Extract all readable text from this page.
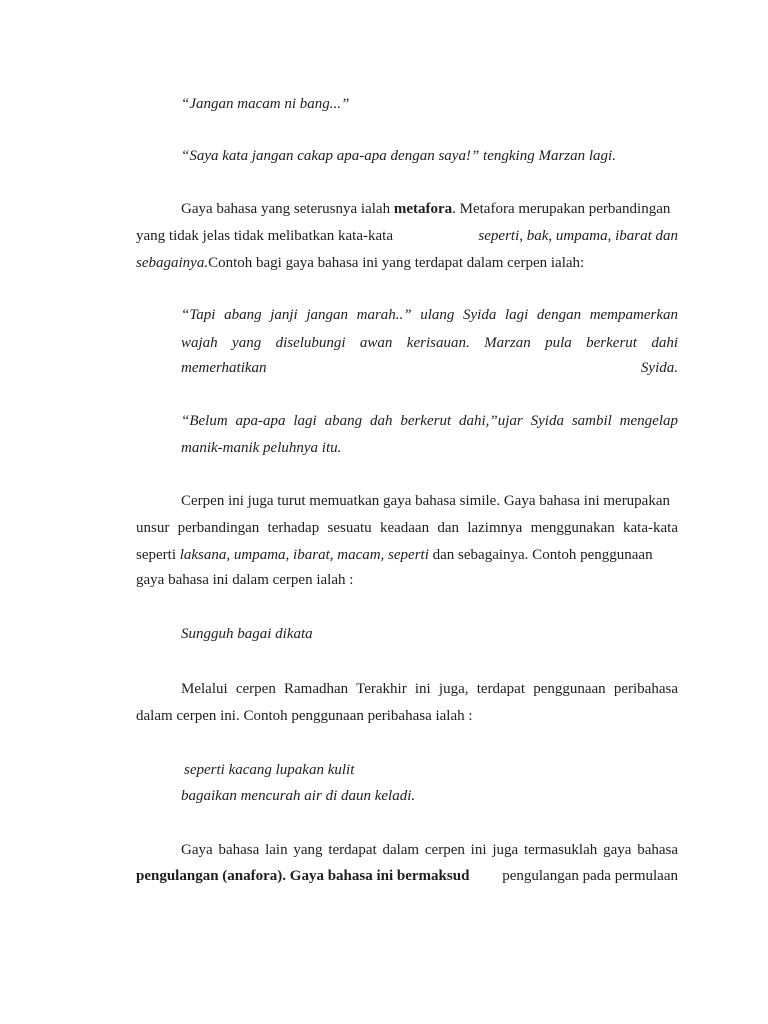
“Jangan macam ni bang...”
“Saya kata jangan cakap apa-apa dengan saya!” tengking Marzan lagi.
Gaya bahasa yang seterusnya ialah metafora. Metafora merupakan perbandingan
yang tidak jelas tidak melibatkan kata-kata	seperti, bak, umpama, ibarat dan
sebagainya.Contoh bagi gaya bahasa ini yang terdapat dalam cerpen ialah:
“Tapi abang janji jangan marah..” ulang Syida lagi dengan mempamerkan
wajah yang diselubungi awan kerisauan. Marzan pula berkerut dahi
memerhatikan	Syida.
“Belum apa-apa lagi abang dah berkerut dahi,”ujar Syida sambil mengelap
manik-manik peluhnya itu.
Cerpen ini juga turut memuatkan gaya bahasa simile. Gaya bahasa ini merupakan
unsur perbandingan terhadap sesuatu keadaan dan lazimnya menggunakan kata-kata
seperti laksana, umpama, ibarat, macam, seperti dan sebagainya. Contoh penggunaan
gaya bahasa ini dalam cerpen ialah :
Sungguh bagai dikata
Melalui cerpen Ramadhan Terakhir ini juga, terdapat penggunaan peribahasa
dalam cerpen ini. Contoh penggunaan peribahasa ialah :
seperti kacang lupakan kulit
bagaikan mencurah air di daun keladi.
Gaya bahasa lain yang terdapat dalam cerpen ini juga termasuklah gaya bahasa
pengulangan (anafora). Gaya bahasa ini bermaksud pengulangan pada permulaan
